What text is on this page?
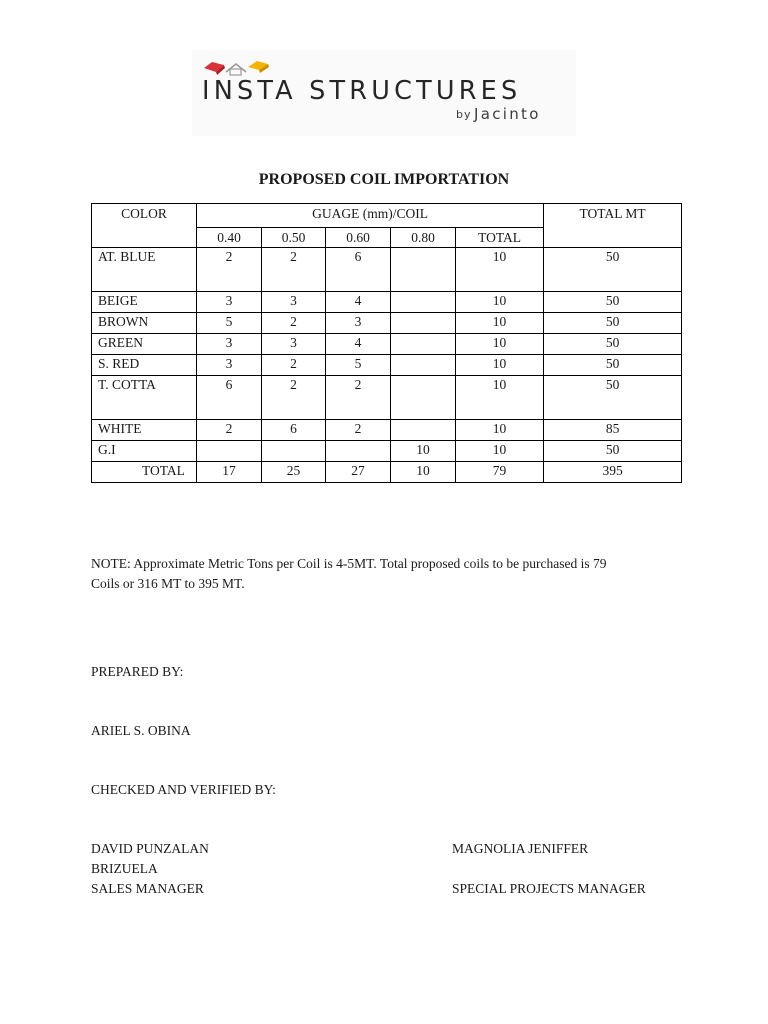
INSTA STRUCTURES
by Jacinto
PROPOSED COIL IMPORTATION
COLOR	GUAGE (mm)/COIL					TOTAL MT
	0.40	0.50	0.60	0.80	TOTAL	
AT. BLUE	2	2	6		10	50
BEIGE	3	3	4		10	50
BROWN	5	2	3		10	50
GREEN	3	3	4		10	50
S. RED	3	2	5		10	50
T. COTTA	6	2	2		10	50
WHITE	2	6	2		10	85
G.I				10	10	50
TOTAL	17	25	27	10	79	395
NOTE: Approximate Metric Tons per Coil is 4-5MT. Total proposed coils to be purchased is 79
Coils or 316 MT to 395 MT.
PREPARED BY:
ARIEL S. OBINA
CHECKED AND VERIFIED BY:
DAVID PUNZALAN
BRIZUELA
SALES MANAGER
MAGNOLIA JENIFFER
SPECIAL PROJECTS MANAGER
